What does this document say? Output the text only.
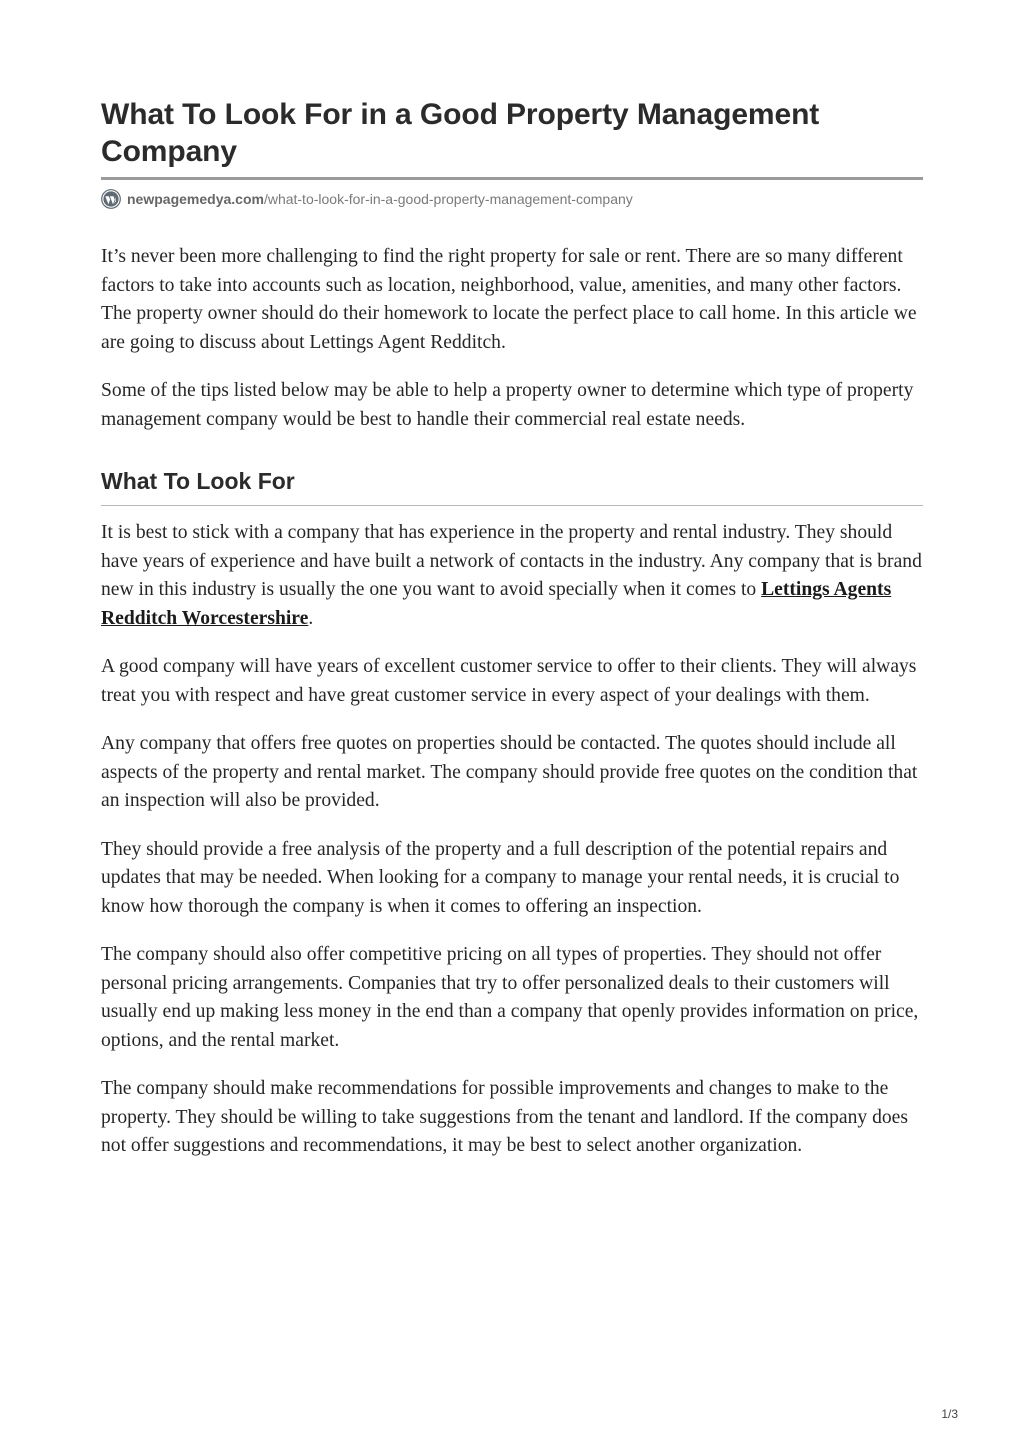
What To Look For in a Good Property Management Company
newpagemedya.com /what-to-look-for-in-a-good-property-management-company

It’s never been more challenging to find the right property for sale or rent. There are so many different factors to take into accounts such as location, neighborhood, value, amenities, and many other factors. The property owner should do their homework to locate the perfect place to call home. In this article we are going to discuss about Lettings Agent Redditch.

Some of the tips listed below may be able to help a property owner to determine which type of property management company would be best to handle their commercial real estate needs.

What To Look For

It is best to stick with a company that has experience in the property and rental industry. They should have years of experience and have built a network of contacts in the industry. Any company that is brand new in this industry is usually the one you want to avoid specially when it comes to Lettings Agents Redditch Worcestershire.

A good company will have years of excellent customer service to offer to their clients. They will always treat you with respect and have great customer service in every aspect of your dealings with them.

Any company that offers free quotes on properties should be contacted. The quotes should include all aspects of the property and rental market. The company should provide free quotes on the condition that an inspection will also be provided.

They should provide a free analysis of the property and a full description of the potential repairs and updates that may be needed. When looking for a company to manage your rental needs, it is crucial to know how thorough the company is when it comes to offering an inspection.

The company should also offer competitive pricing on all types of properties. They should not offer personal pricing arrangements. Companies that try to offer personalized deals to their customers will usually end up making less money in the end than a company that openly provides information on price, options, and the rental market.

The company should make recommendations for possible improvements and changes to make to the property. They should be willing to take suggestions from the tenant and landlord. If the company does not offer suggestions and recommendations, it may be best to select another organization.

1/3
